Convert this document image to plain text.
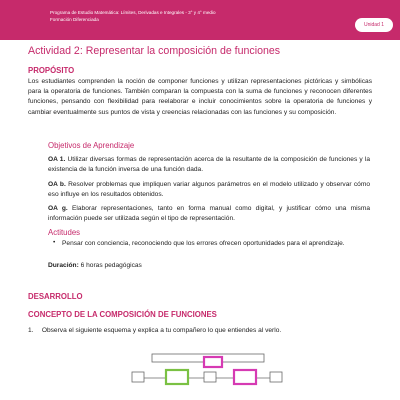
Programa de Estudio Matemática: Límites, Derivadas e Integrales - 3° y 4° medio
Formación Diferenciada
Unidad 1
Actividad 2: Representar la composición de funciones
PROPÓSITO
Los estudiantes comprenden la noción de componer funciones y utilizan representaciones pictóricas y simbólicas para la operatoria de funciones. También comparan la compuesta con la suma de funciones y reconocen diferentes funciones, pensando con flexibilidad para reelaborar e incluir conocimientos sobre la operatoria de funciones y cambiar eventualmente sus puntos de vista y creencias relacionadas con las funciones y su composición.
Objetivos de Aprendizaje
OA 1. Utilizar diversas formas de representación acerca de la resultante de la composición de funciones y la existencia de la función inversa de una función dada.
OA b. Resolver problemas que impliquen variar algunos parámetros en el modelo utilizado y observar cómo eso influye en los resultados obtenidos.
OA g. Elaborar representaciones, tanto en forma manual como digital, y justificar cómo una misma información puede ser utilizada según el tipo de representación.
Actitudes
• Pensar con conciencia, reconociendo que los errores ofrecen oportunidades para el aprendizaje.
Duración: 6 horas pedagógicas
DESARROLLO
CONCEPTO DE LA COMPOSICIÓN DE FUNCIONES
1. Observa el siguiente esquema y explica a tu compañero lo que entiendes al verlo.
